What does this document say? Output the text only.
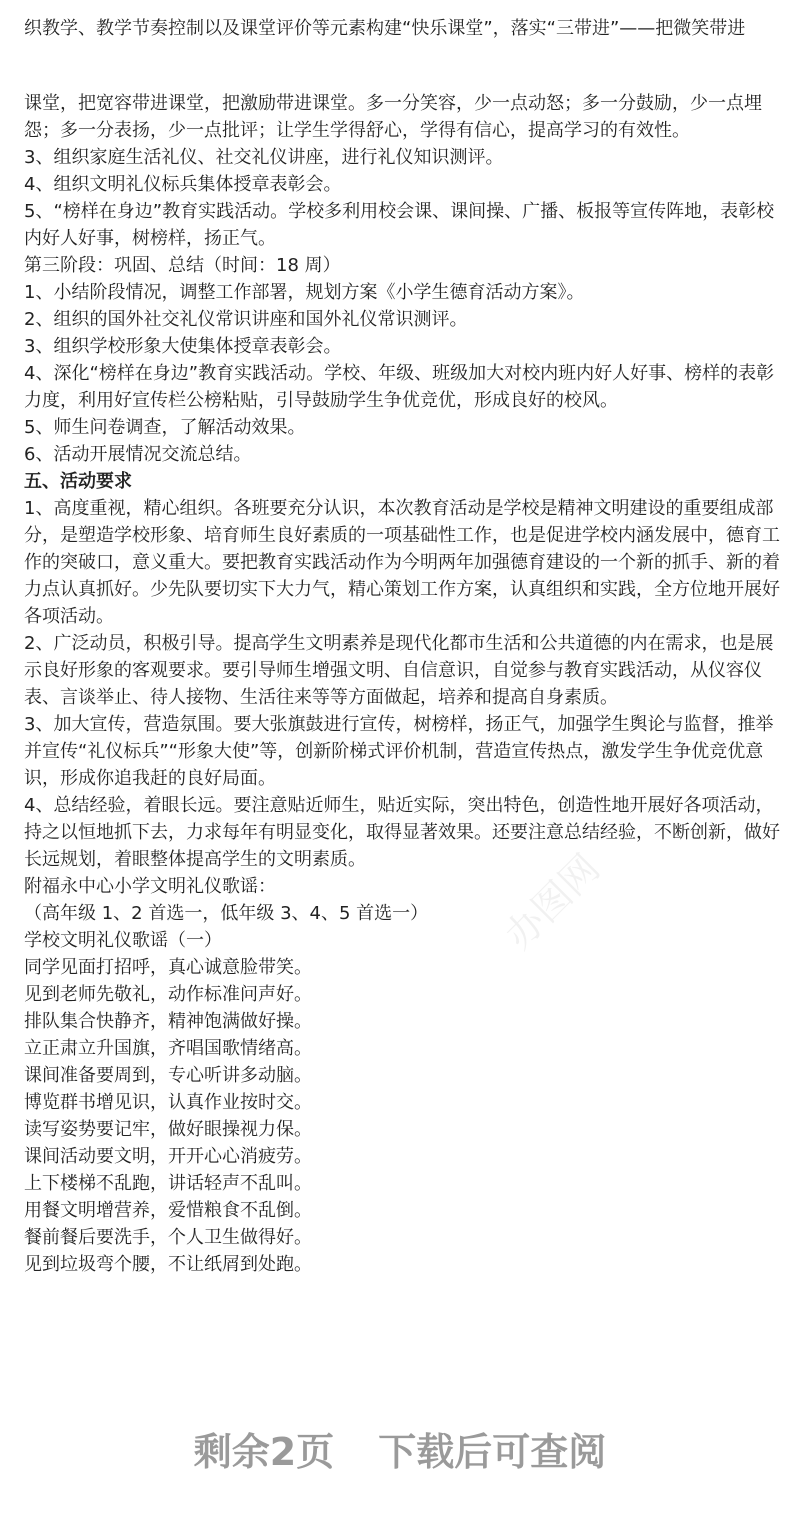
织教学、教学节奏控制以及课堂评价等元素构建“快乐课堂”，落实“三带进”——把微笑带进

课堂，把宽容带进课堂，把激励带进课堂。多一分笑容，少一点动怒；多一分鼓励，少一点埋怨；多一分表扬，少一点批评；让学生学得舒心，学得有信心，提高学习的有效性。

3、组织家庭生活礼仪、社交礼仪讲座，进行礼仪知识测评。

4、组织文明礼仪标兵集体授章表彰会。

5、“榜样在身边”教育实践活动。学校多利用校会课、课间操、广播、板报等宣传阵地，表彰校内好人好事，树榜样，扬正气。

第三阶段：巩固、总结（时间：18 周）

1、小结阶段情况，调整工作部署，规划方案《小学生德育活动方案》。

2、组织的国外社交礼仪常识讲座和国外礼仪常识测评。

3、组织学校形象大使集体授章表彰会。

4、深化“榜样在身边”教育实践活动。学校、年级、班级加大对校内班内好人好事、榜样的表彰力度，利用好宣传栏公榜粘贴，引导鼓励学生争优竞优，形成良好的校风。

5、师生问卷调查，了解活动效果。

6、活动开展情况交流总结。

五、活动要求

1、高度重视，精心组织。各班要充分认识，本次教育活动是学校是精神文明建设的重要组成部分，是塑造学校形象、培育师生良好素质的一项基础性工作，也是促进学校内涵发展中，德育工作的突破口，意义重大。要把教育实践活动作为今明两年加强德育建设的一个新的抓手、新的着力点认真抓好。少先队要切实下大力气，精心策划工作方案，认真组织和实践，全方位地开展好各项活动。

2、广泛动员，积极引导。提高学生文明素养是现代化都市生活和公共道德的内在需求，也是展示良好形象的客观要求。要引导师生增强文明、自信意识，自觉参与教育实践活动，从仪容仪表、言谈举止、待人接物、生活往来等等方面做起，培养和提高自身素质。

3、加大宣传，营造氛围。要大张旗鼓进行宣传，树榜样，扬正气，加强学生舆论与监督，推举并宣传“礼仪标兵”“形象大使”等，创新阶梯式评价机制，营造宣传热点，激发学生争优竞优意识，形成你追我赶的良好局面。

4、总结经验，着眼长远。要注意贴近师生，贴近实际，突出特色，创造性地开展好各项活动，持之以恒地抓下去，力求每年有明显变化，取得显著效果。还要注意总结经验，不断创新，做好长远规划，着眼整体提高学生的文明素质。

附福永中心小学文明礼仪歌谣：

（高年级 1、2 首选一，低年级 3、4、5 首选一）

学校文明礼仪歌谣（一）

同学见面打招呼，真心诚意脸带笑。

见到老师先敬礼，动作标准问声好。

排队集合快静齐，精神饱满做好操。

立正肃立升国旗，齐唱国歌情绪高。

课间准备要周到，专心听讲多动脑。

博览群书增见识，认真作业按时交。

读写姿势要记牢，做好眼操视力保。

课间活动要文明，开开心心消疲劳。

上下楼梯不乱跑，讲话轻声不乱叫。

用餐文明增营养，爱惜粮食不乱倒。

餐前餐后要洗手，个人卫生做得好。

见到垃圾弯个腰，不让纸屑到处跑。

办图网
剩余2页 下载后可查阅
